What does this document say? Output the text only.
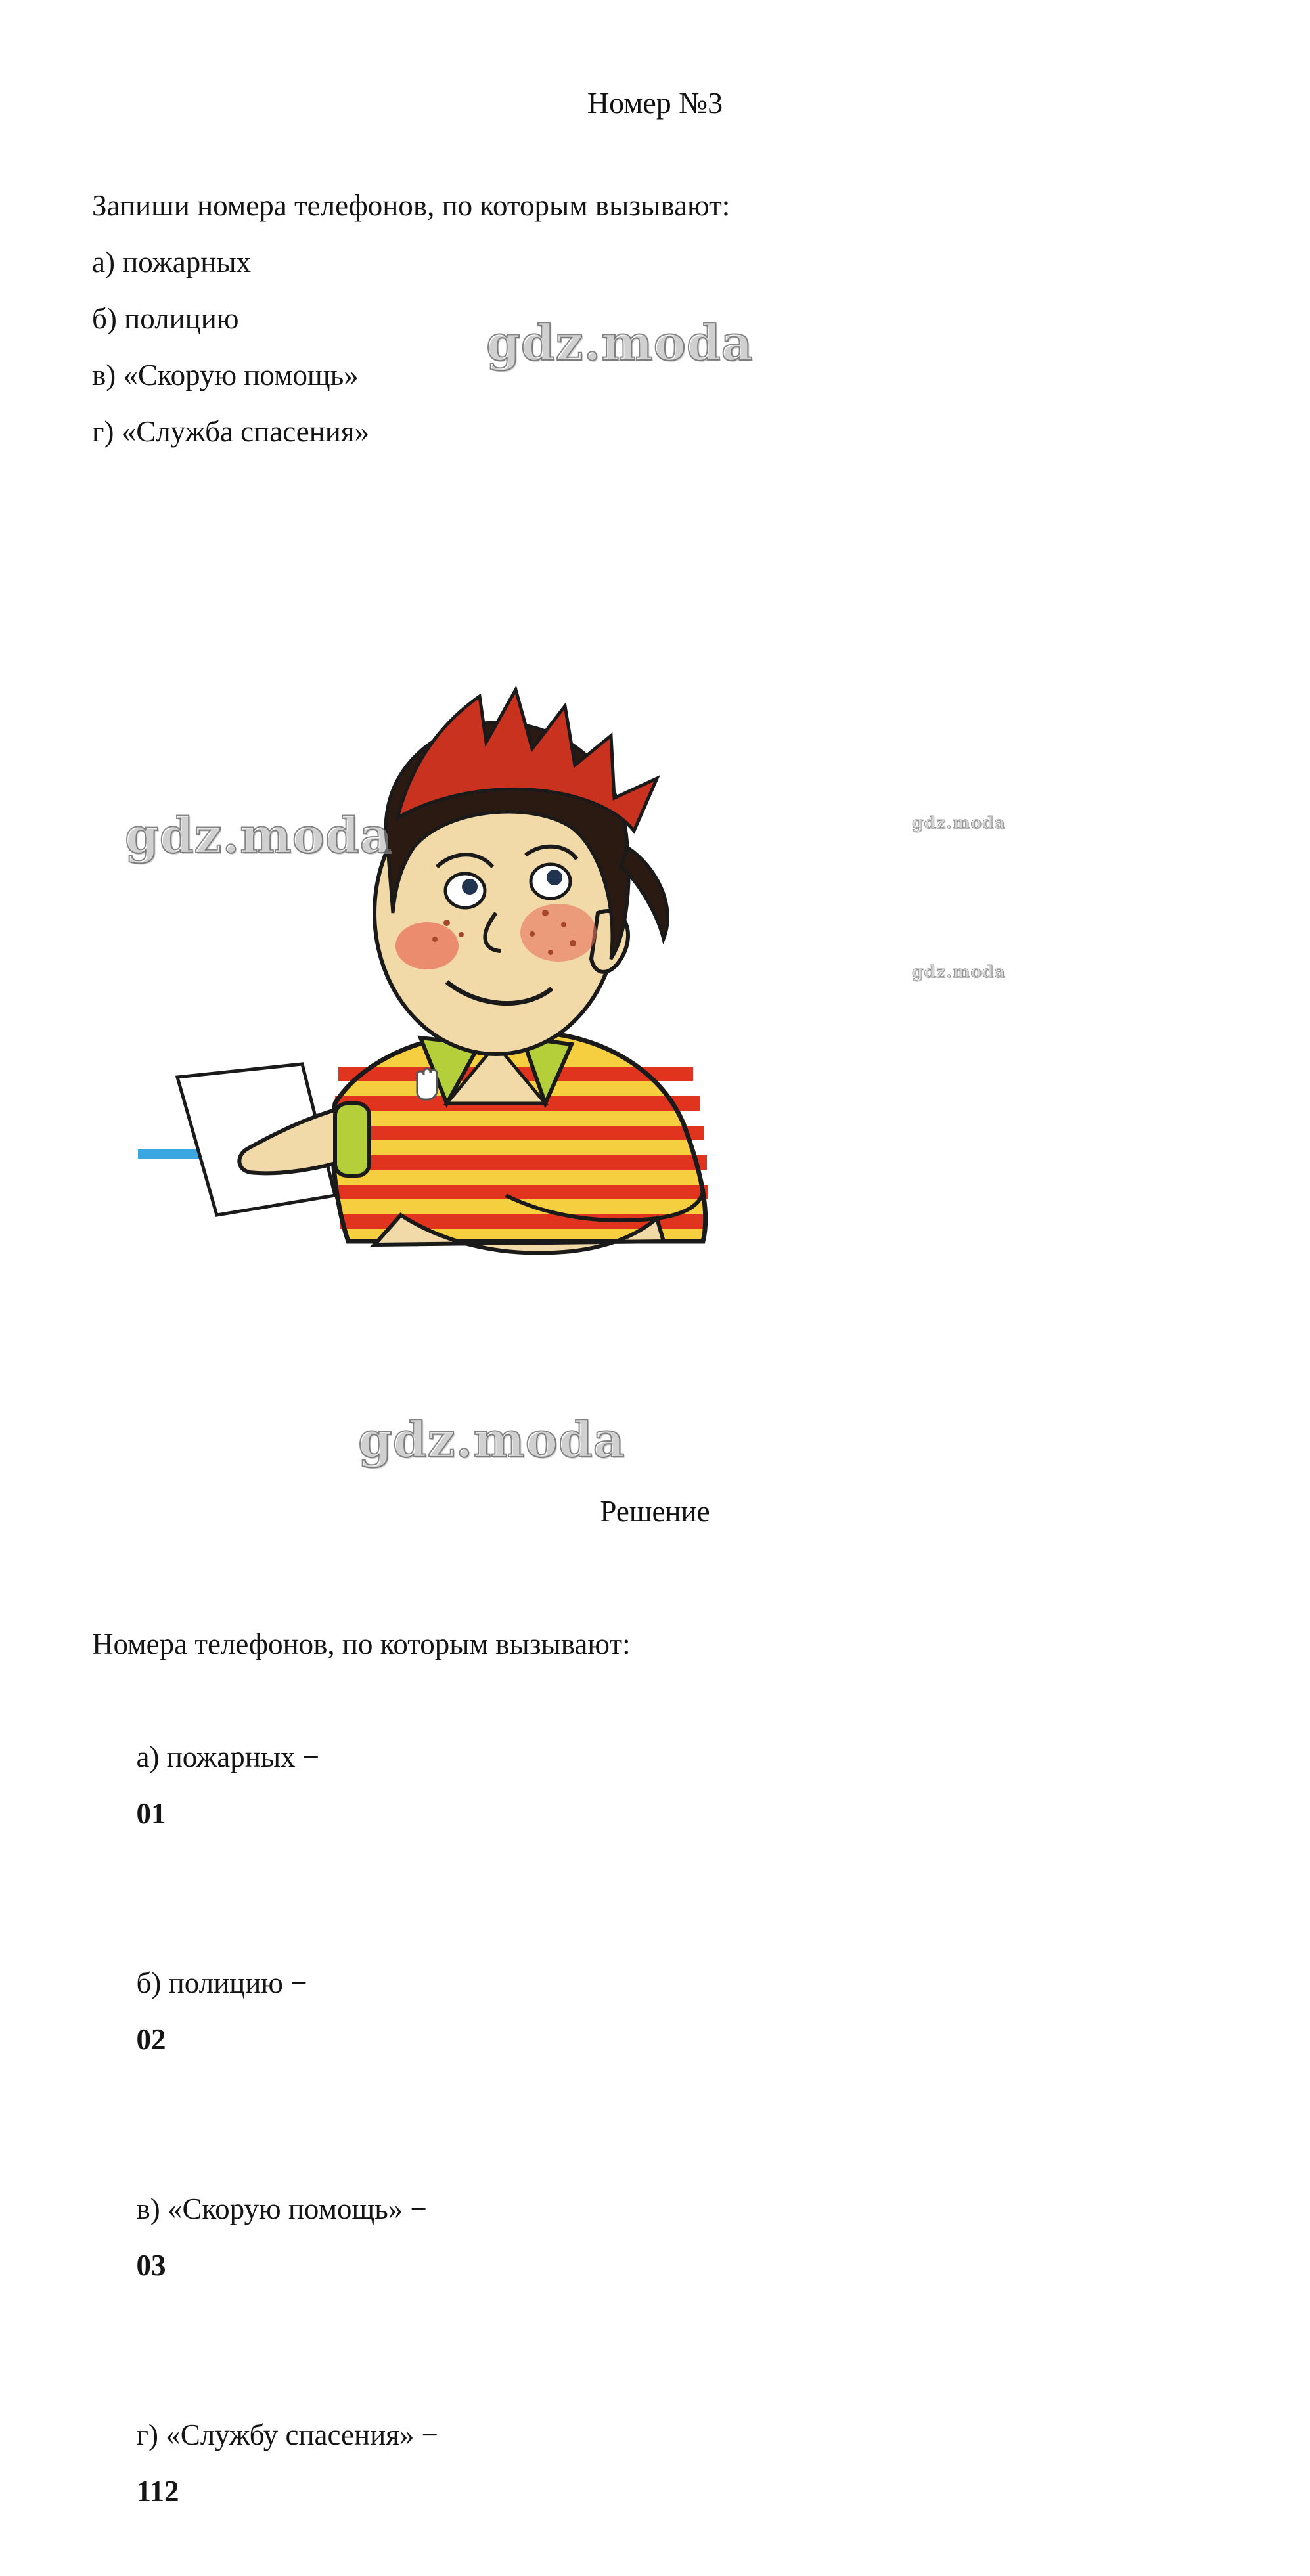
Номер №3
Запиши номера телефонов, по которым вызывают:
а) пожарных
б) полицию
в) «Скорую помощь»
г) «Служба спасения»
gdz.moda
gdz.moda	gdz.moda
gdz.moda
gdz.moda
Решение
Номера телефонов, по которым вызывают:

а) пожарных −
01

б) полицию −
02

в) «Скорую помощь» −
03

г) «Службу спасения» −
112
